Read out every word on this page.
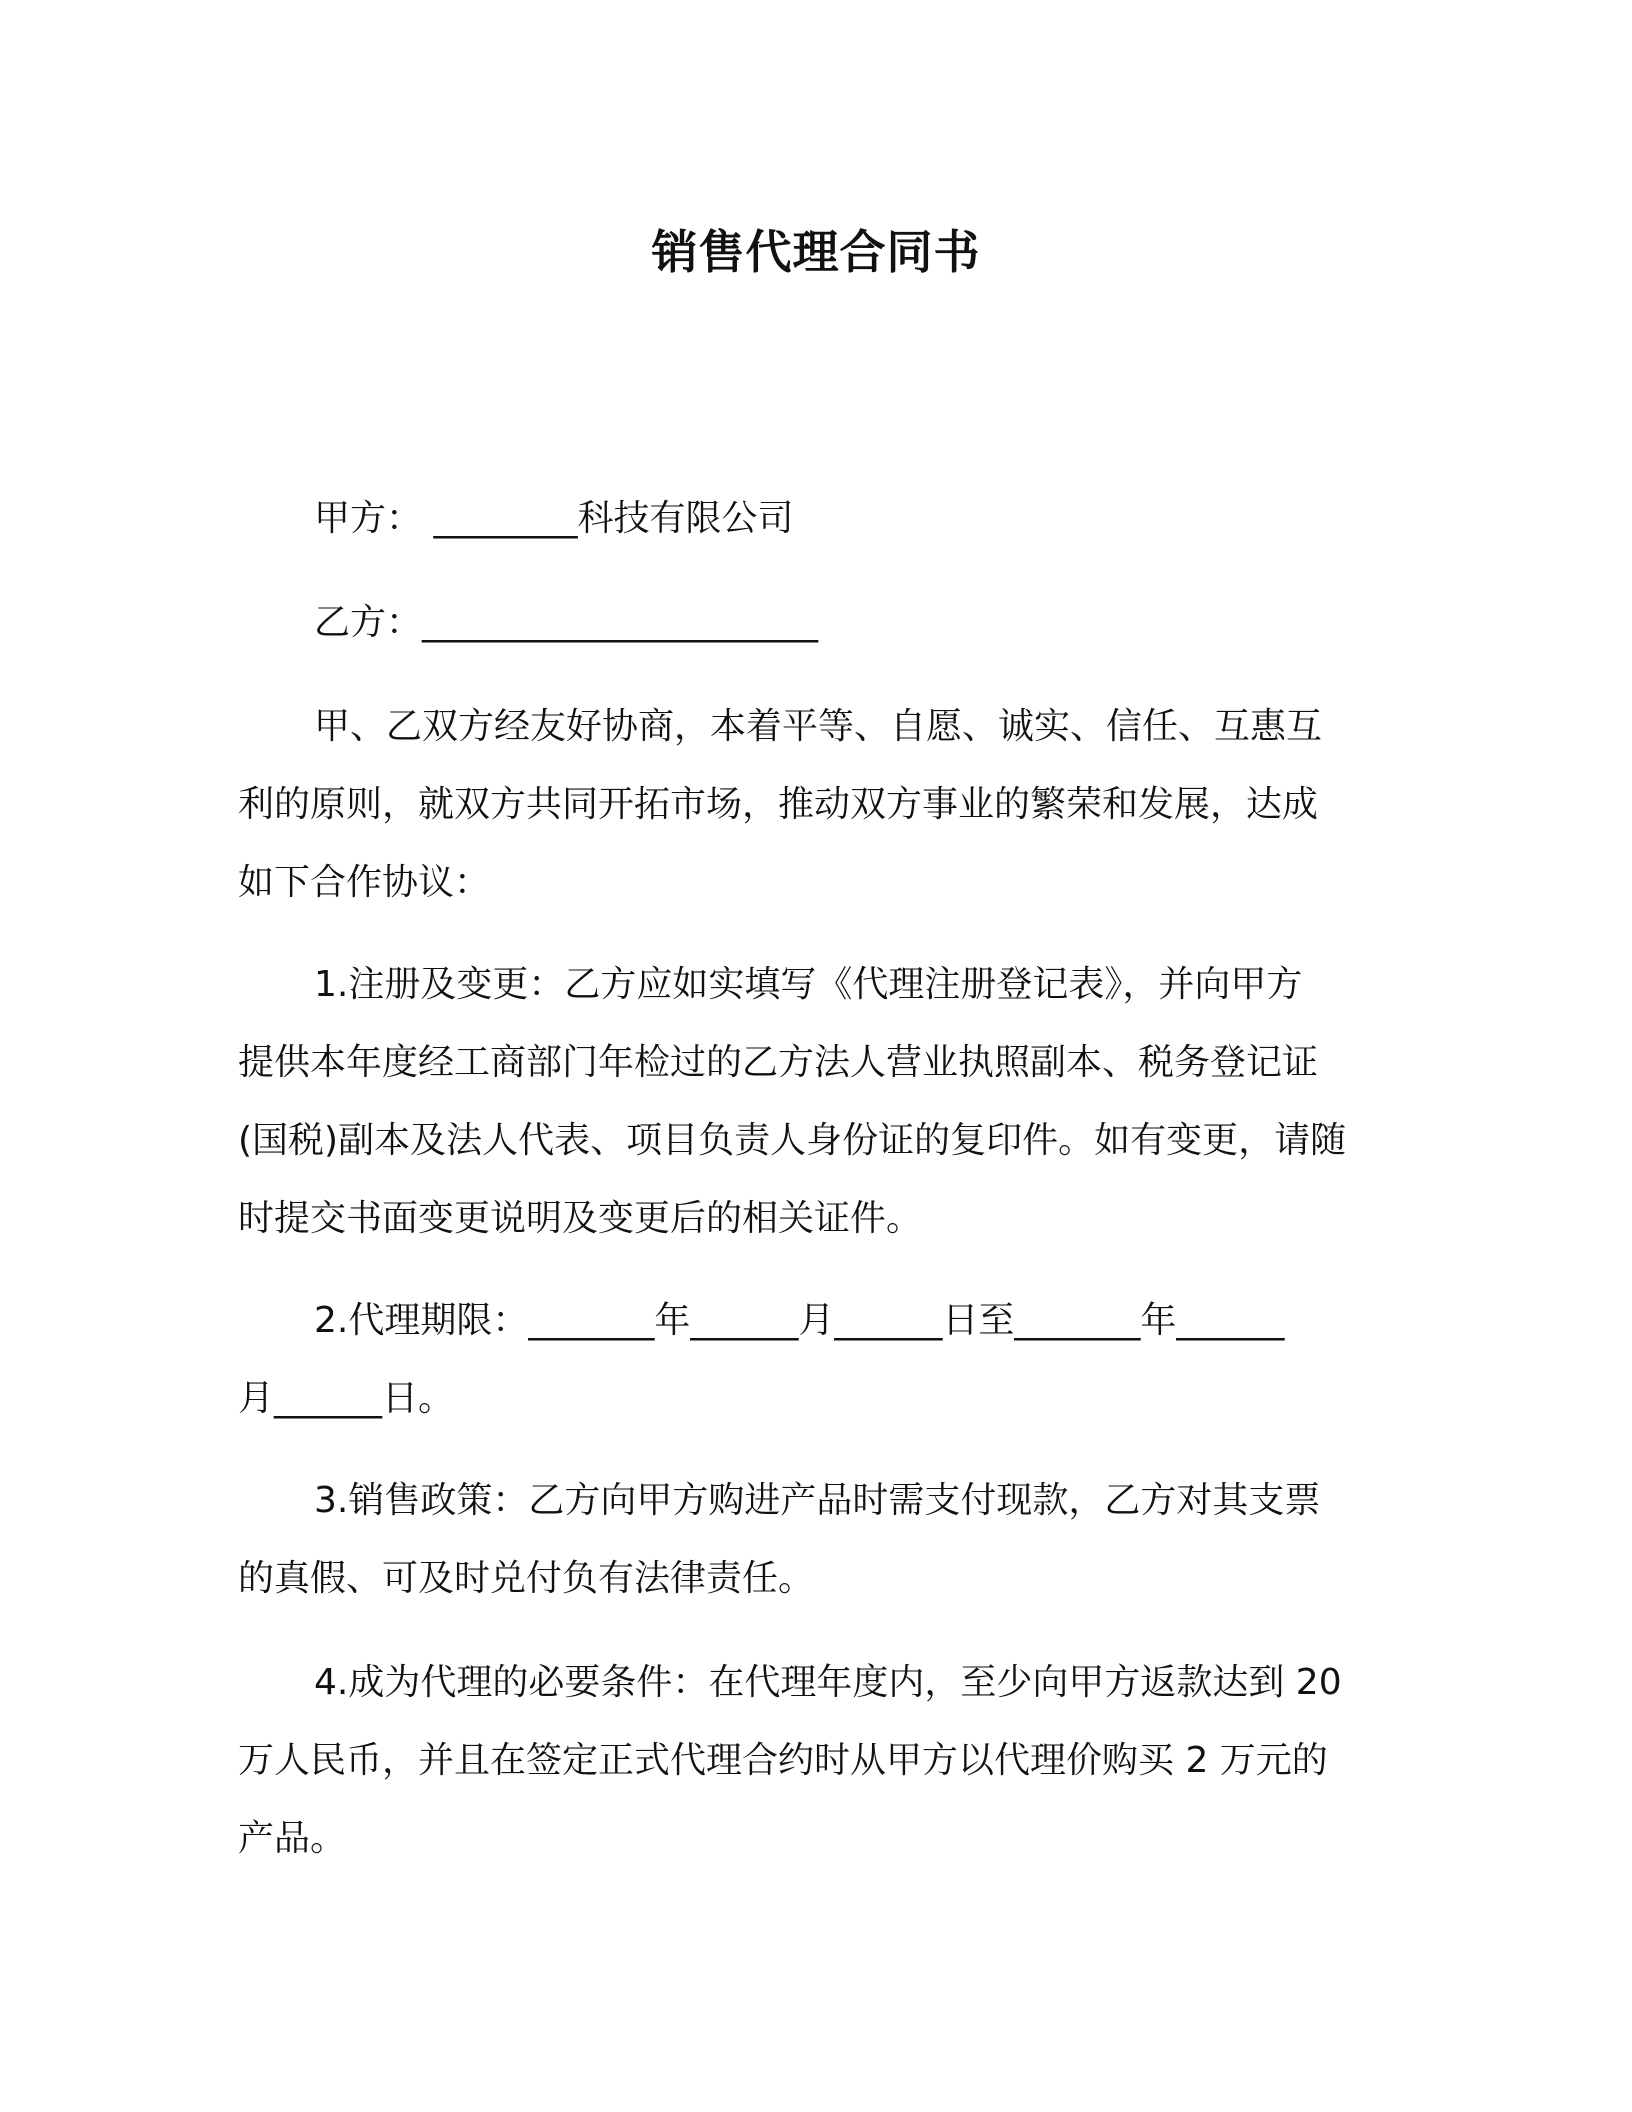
销售代理合同书
甲方： ________科技有限公司
乙方：______________________
甲、乙双方经友好协商，本着平等、自愿、诚实、信任、互惠互
利的原则，就双方共同开拓市场，推动双方事业的繁荣和发展，达成
如下合作协议：
1.注册及变更：乙方应如实填写《代理注册登记表》，并向甲方
提供本年度经工商部门年检过的乙方法人营业执照副本、税务登记证
(国税)副本及法人代表、项目负责人身份证的复印件。如有变更，请随
时提交书面变更说明及变更后的相关证件。
2.代理期限：_______年______月______日至_______年______
月______日。
3.销售政策：乙方向甲方购进产品时需支付现款，乙方对其支票
的真假、可及时兑付负有法律责任。
4.成为代理的必要条件：在代理年度内，至少向甲方返款达到 20
万人民币，并且在签定正式代理合约时从甲方以代理价购买 2 万元的
产品。
